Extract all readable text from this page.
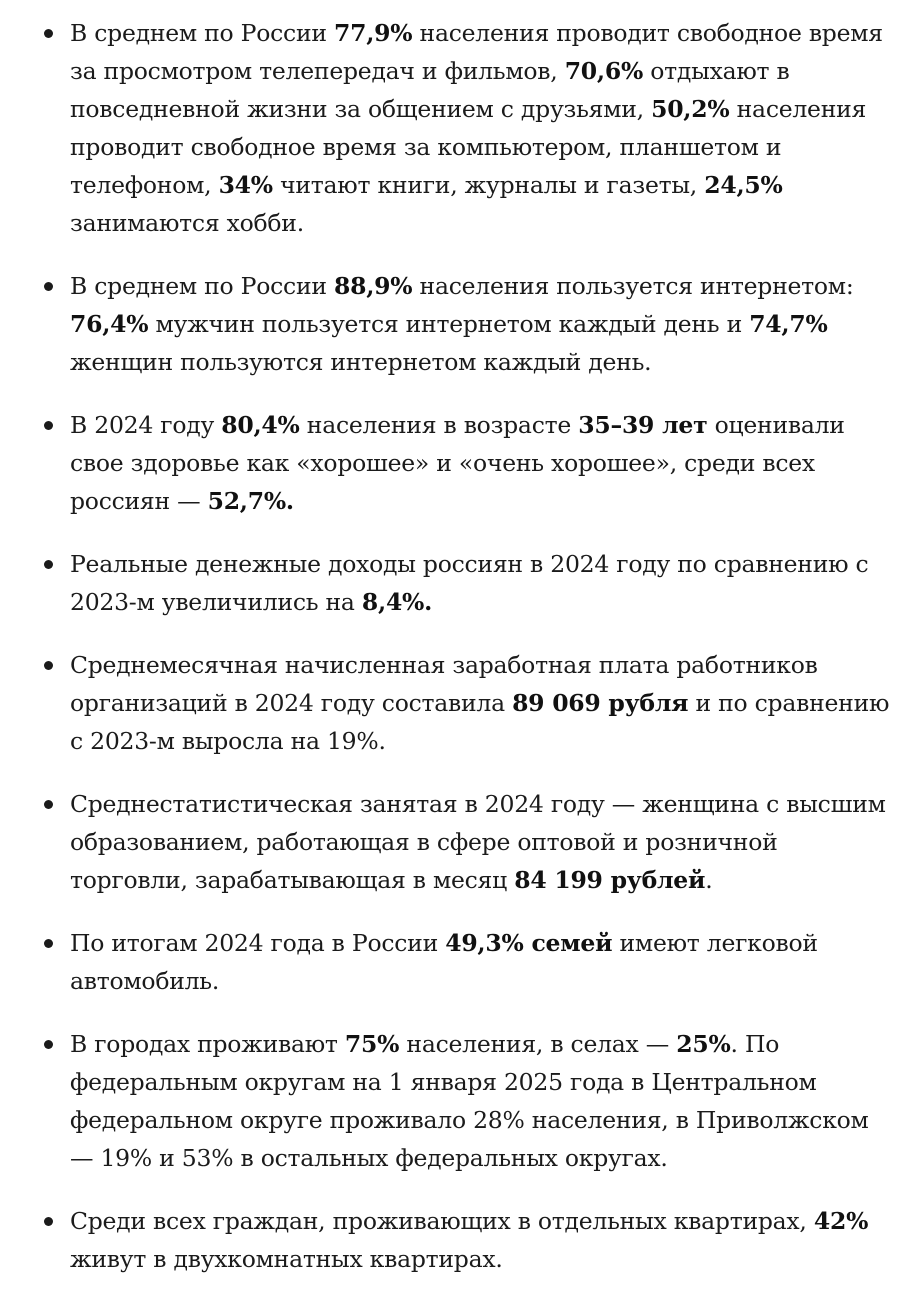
В среднем по России 77,9% населения проводит свободное время за просмотром телепередач и фильмов, 70,6% отдыхают в повседневной жизни за общением с друзьями, 50,2% населения проводит свободное время за компьютером, планшетом и телефоном, 34% читают книги, журналы и газеты, 24,5% занимаются хобби.
В среднем по России 88,9% населения пользуется интернетом: 76,4% мужчин пользуется интернетом каждый день и 74,7% женщин пользуются интернетом каждый день.
В 2024 году 80,4% населения в возрасте 35–39 лет оценивали свое здоровье как «хорошее» и «очень хорошее», среди всех россиян — 52,7%.
Реальные денежные доходы россиян в 2024 году по сравнению с 2023-м увеличились на 8,4%.
Среднемесячная начисленная заработная плата работников организаций в 2024 году составила 89 069 рубля и по сравнению с 2023-м выросла на 19%.
Среднестатистическая занятая в 2024 году — женщина с высшим образованием, работающая в сфере оптовой и розничной торговли, зарабатывающая в месяц 84 199 рублей.
По итогам 2024 года в России 49,3% семей имеют легковой автомобиль.
В городах проживают 75% населения, в селах — 25%. По федеральным округам на 1 января 2025 года в Центральном федеральном округе проживало 28% населения, в Приволжском — 19% и 53% в остальных федеральных округах.
Среди всех граждан, проживающих в отдельных квартирах, 42% живут в двухкомнатных квартирах.
